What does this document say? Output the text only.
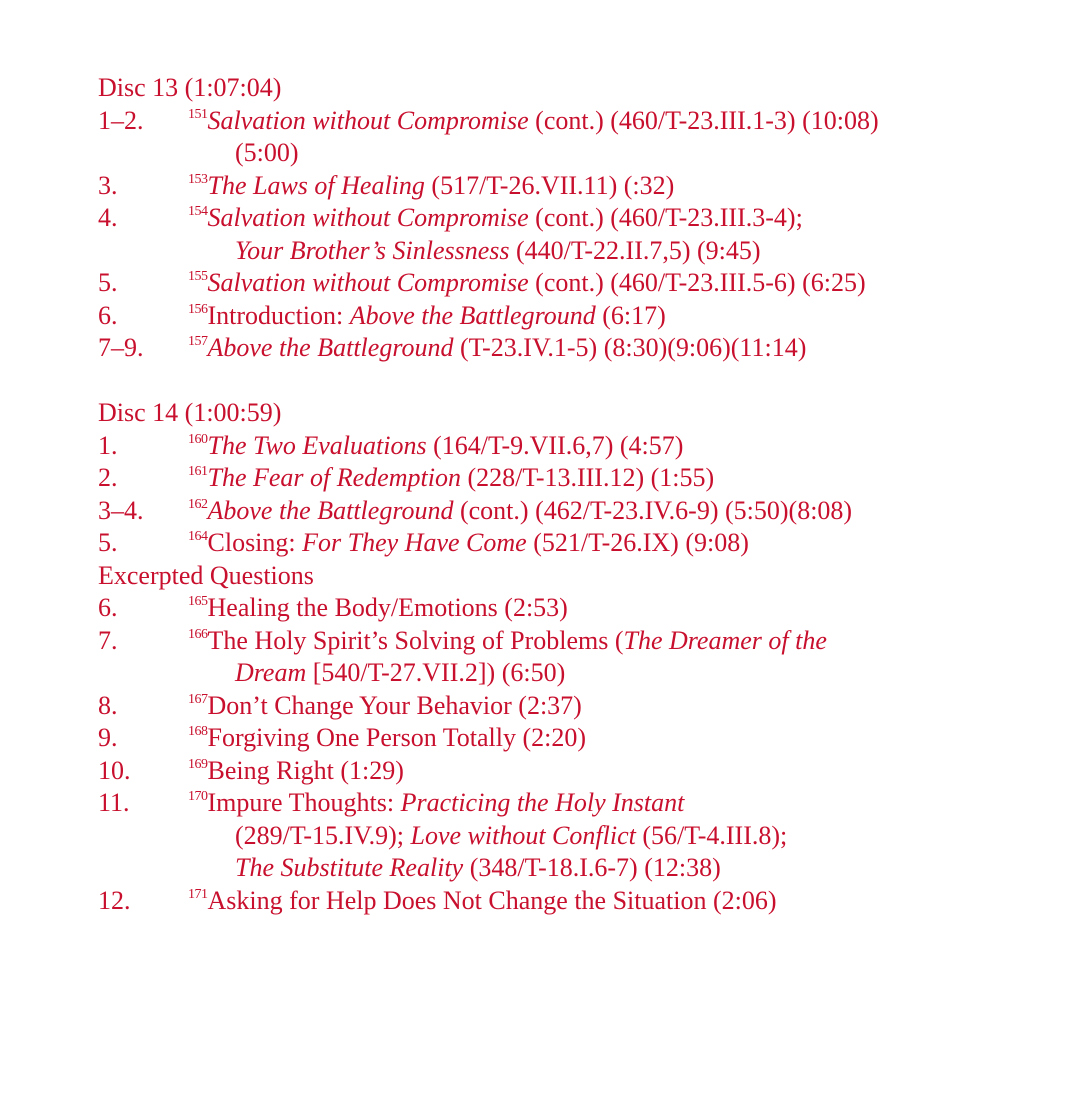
Disc 13 (1:07:04)
1–2.	$^{151}$Salvation without Compromise (cont.) (460/T-23.III.1-3) (10:08)
(5:00)
3.	$^{153}$The Laws of Healing (517/T-26.VII.11) (:32)
4.	$^{154}$Salvation without Compromise (cont.) (460/T-23.III.3-4);
Your Brother’s Sinlessness (440/T-22.II.7,5) (9:45)
5.	$^{155}$Salvation without Compromise (cont.) (460/T-23.III.5-6) (6:25)
6.	$^{156}$Introduction: Above the Battleground (6:17)
7–9.	$^{157}$Above the Battleground (T-23.IV.1-5) (8:30)(9:06)(11:14)
Disc 14 (1:00:59)
1.	$^{160}$The Two Evaluations (164/T-9.VII.6,7) (4:57)
2.	$^{161}$The Fear of Redemption (228/T-13.III.12) (1:55)
3–4.	$^{162}$Above the Battleground (cont.) (462/T-23.IV.6-9) (5:50)(8:08)
5.	$^{164}$Closing: For They Have Come (521/T-26.IX) (9:08)
Excerpted Questions
6.	$^{165}$Healing the Body/Emotions (2:53)
7.	$^{166}$The Holy Spirit’s Solving of Problems (The Dreamer of the
Dream [540/T-27.VII.2]) (6:50)
8.	$^{167}$Don’t Change Your Behavior (2:37)
9.	$^{168}$Forgiving One Person Totally (2:20)
10.	$^{169}$Being Right (1:29)
11.	$^{170}$Impure Thoughts: Practicing the Holy Instant
(289/T-15.IV.9); Love without Conflict (56/T-4.III.8);
The Substitute Reality (348/T-18.I.6-7) (12:38)
12.	$^{171}$Asking for Help Does Not Change the Situation (2:06)
